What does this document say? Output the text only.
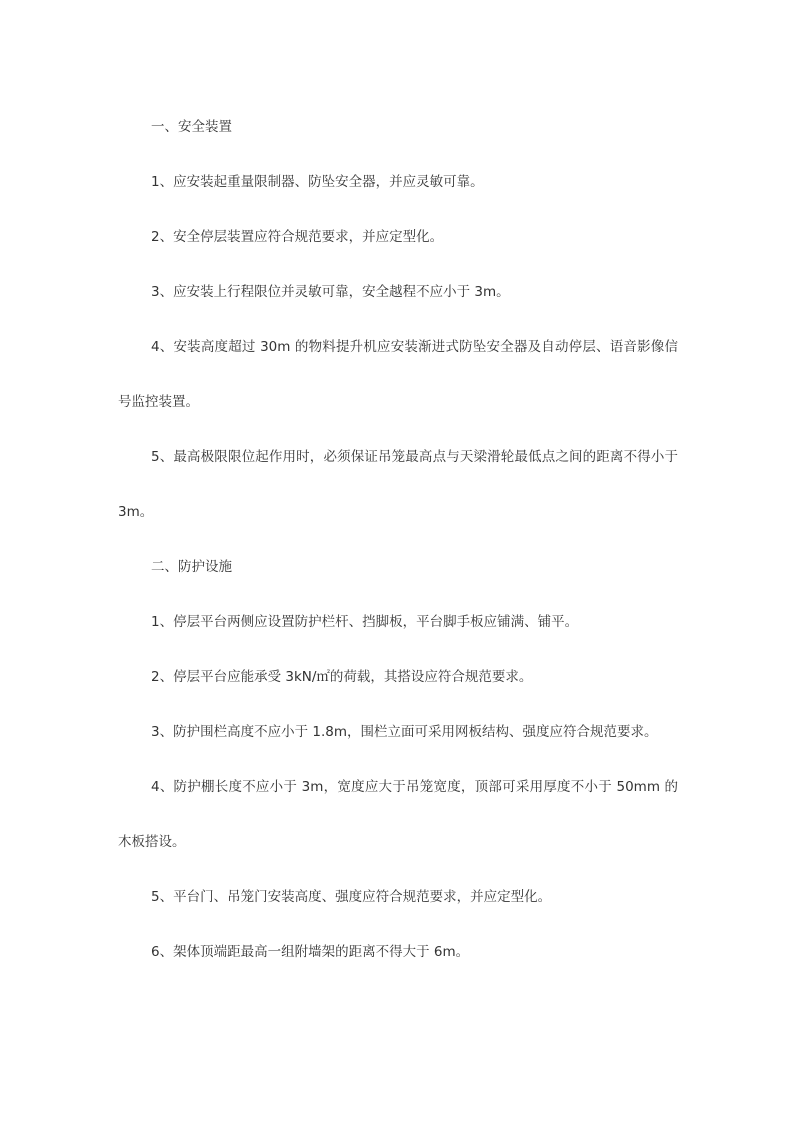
一、安全装置

1、应安装起重量限制器、防坠安全器，并应灵敏可靠。

2、安全停层装置应符合规范要求，并应定型化。

3、应安装上行程限位并灵敏可靠，安全越程不应小于 3m。

4、安装高度超过 30m 的物料提升机应安装渐进式防坠安全器及自动停层、语音影像信号监控装置。

5、最高极限限位起作用时，必须保证吊笼最高点与天梁滑轮最低点之间的距离不得小于 3m。

二、防护设施

1、停层平台两侧应设置防护栏杆、挡脚板，平台脚手板应铺满、铺平。

2、停层平台应能承受 3kN/㎡的荷载，其搭设应符合规范要求。

3、防护围栏高度不应小于 1.8m，围栏立面可采用网板结构、强度应符合规范要求。

4、防护棚长度不应小于 3m，宽度应大于吊笼宽度，顶部可采用厚度不小于 50mm 的木板搭设。

5、平台门、吊笼门安装高度、强度应符合规范要求，并应定型化。

6、架体顶端距最高一组附墙架的距离不得大于 6m。
